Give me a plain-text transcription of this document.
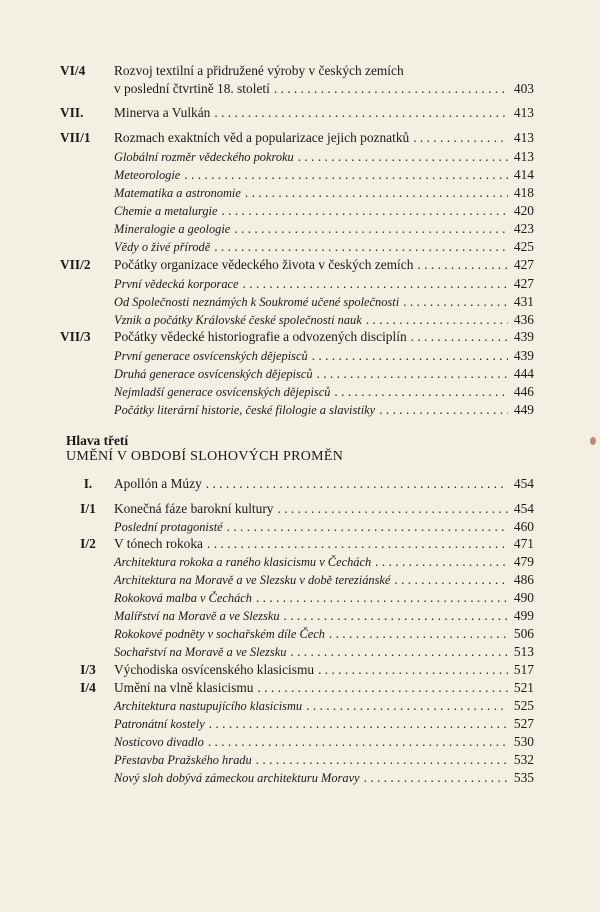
VI/4	Rozvoj textilní a přidružené výroby v českých zemích
v poslední čtvrtině 18. století . . .	403
VII.	Minerva a Vulkán . . .	413
VII/1	Rozmach exaktních věd a popularizace jejich poznatků . . .	413
Globální rozměr vědeckého pokroku . . .	413
Meteorologie . . .	414
Matematika a astronomie . . .	418
Chemie a metalurgie . . .	420
Mineralogie a geologie . . .	423
Vědy o živé přírodě . . .	425
VII/2	Počátky organizace vědeckého života v českých zemích . . .	427
První vědecká korporace . . .	427
Od Společnosti neznámých k Soukromé učené společnosti . . .	431
Vznik a počátky Královské české společnosti nauk . . .	436
VII/3	Počátky vědecké historiografie a odvozených disciplín . . .	439
První generace osvícenských dějepisců . . .	439
Druhá generace osvícenských dějepisců . . .	444
Nejmladší generace osvícenských dějepisců . . .	446
Počátky literární historie, české filologie a slavistiky . . .	449
Hlava třetí
UMĚNÍ V OBDOBÍ SLOHOVÝCH PROMĚN
I.	Apollón a Múzy . . .	454
I/1	Konečná fáze barokní kultury . . .	454
Poslední protagonisté . . .	460
I/2	V tónech rokoka . . .	471
Architektura rokoka a raného klasicismu v Čechách . . .	479
Architektura na Moravě a ve Slezsku v době tereziánské . . .	486
Rokoková malba v Čechách . . .	490
Malířství na Moravě a ve Slezsku . . .	499
Rokokové podněty v sochařském díle Čech . . .	506
Sochařství na Moravě a ve Slezsku . . .	513
I/3	Východiska osvícenského klasicismu . . .	517
I/4	Umění na vlně klasicismu . . .	521
Architektura nastupujícího klasicismu . . .	525
Patronátní kostely . . .	527
Nosticovo divadlo . . .	530
Přestavba Pražského hradu . . .	532
Nový sloh dobývá zámeckou architekturu Moravy . . .	535
